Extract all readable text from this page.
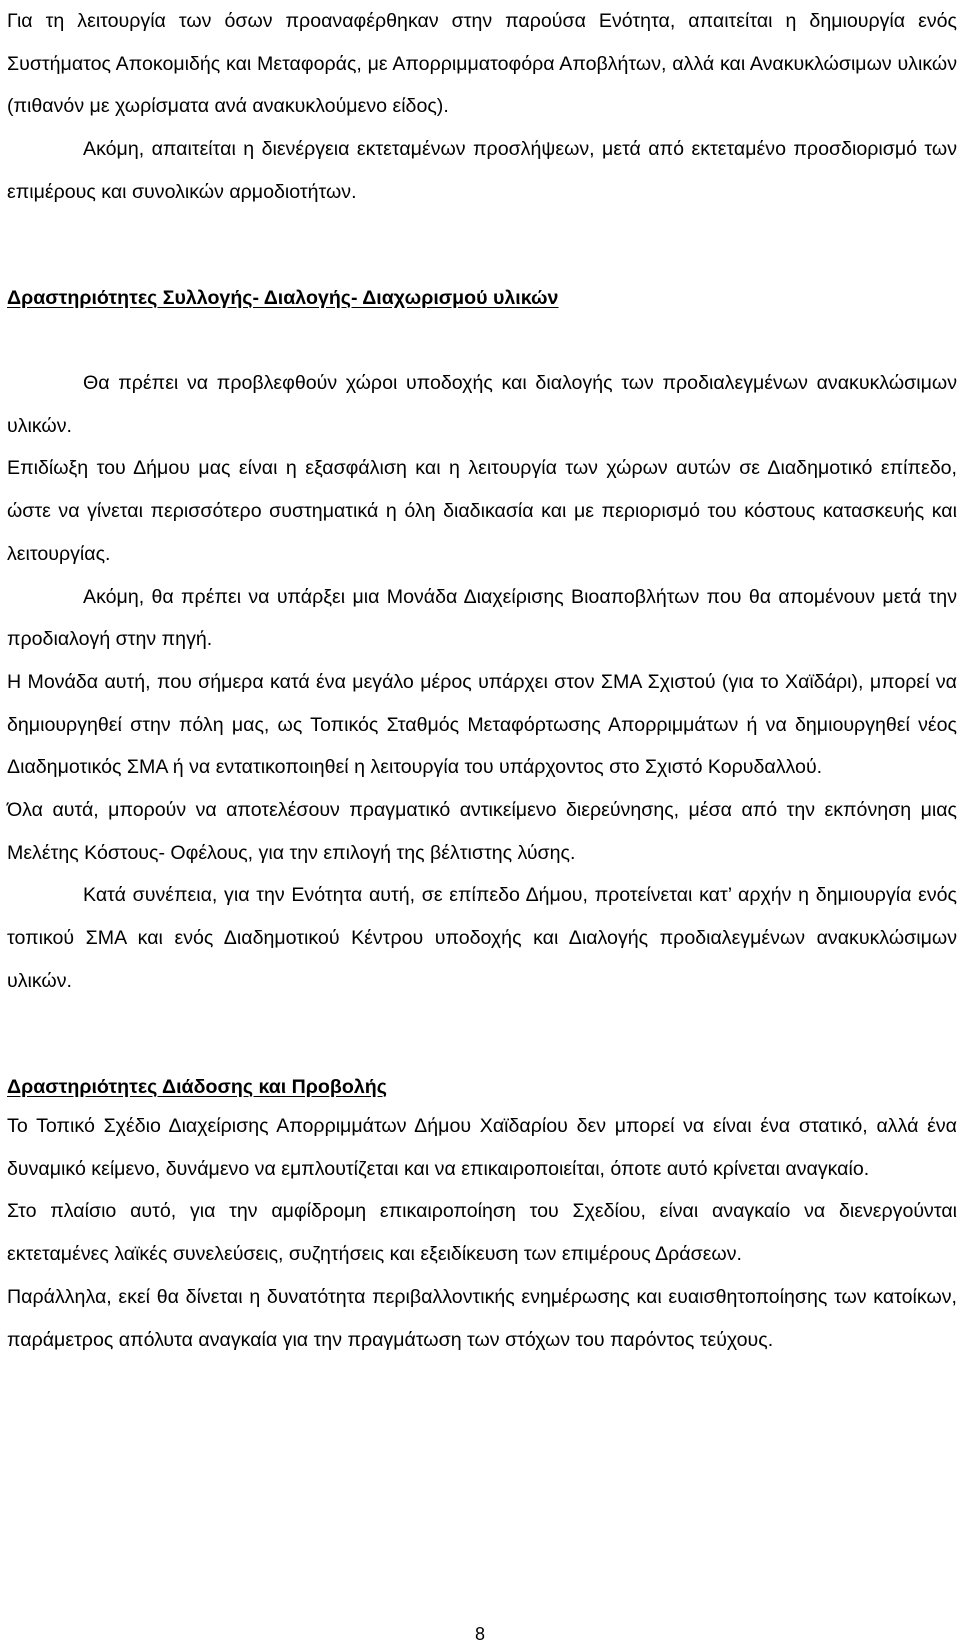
Για τη λειτουργία των όσων προαναφέρθηκαν στην παρούσα Ενότητα, απαιτείται η δημιουργία ενός Συστήματος Αποκομιδής και Μεταφοράς, με Απορριμματοφόρα Αποβλήτων, αλλά και Ανακυκλώσιμων υλικών (πιθανόν με χωρίσματα ανά ανακυκλούμενο είδος).

Ακόμη, απαιτείται η διενέργεια εκτεταμένων προσλήψεων, μετά από εκτεταμένο προσδιορισμό των επιμέρους και συνολικών αρμοδιοτήτων.

Δραστηριότητες Συλλογής- Διαλογής- Διαχωρισμού υλικών

Θα πρέπει να προβλεφθούν χώροι υποδοχής και διαλογής των προδιαλεγμένων ανακυκλώσιμων υλικών.

Επιδίωξη του Δήμου μας είναι η εξασφάλιση και η λειτουργία των χώρων αυτών σε Διαδημοτικό επίπεδο, ώστε να γίνεται περισσότερο συστηματικά η όλη διαδικασία και με περιορισμό του κόστους κατασκευής και λειτουργίας.

Ακόμη, θα πρέπει να υπάρξει μια Μονάδα Διαχείρισης Βιοαποβλήτων που θα απομένουν μετά την προδιαλογή στην πηγή.

Η Μονάδα αυτή, που σήμερα κατά ένα μεγάλο μέρος υπάρχει στον ΣΜΑ Σχιστού (για το Χαϊδάρι), μπορεί να δημιουργηθεί στην πόλη μας, ως Τοπικός Σταθμός Μεταφόρτωσης Απορριμμάτων ή να δημιουργηθεί νέος Διαδημοτικός ΣΜΑ ή να εντατικοποιηθεί η λειτουργία του υπάρχοντος στο Σχιστό Κορυδαλλού.

Όλα αυτά, μπορούν να αποτελέσουν πραγματικό αντικείμενο διερεύνησης, μέσα από την εκπόνηση μιας Μελέτης Κόστους- Οφέλους, για την επιλογή της βέλτιστης λύσης.

Κατά συνέπεια, για την Ενότητα αυτή, σε επίπεδο Δήμου, προτείνεται κατ’ αρχήν η δημιουργία ενός τοπικού ΣΜΑ και ενός Διαδημοτικού Κέντρου υποδοχής και Διαλογής προδιαλεγμένων ανακυκλώσιμων υλικών.

Δραστηριότητες Διάδοσης και Προβολής

Το Τοπικό Σχέδιο Διαχείρισης Απορριμμάτων Δήμου Χαϊδαρίου δεν μπορεί να είναι ένα στατικό, αλλά ένα δυναμικό κείμενο, δυνάμενο να εμπλουτίζεται και να επικαιροποιείται, όποτε αυτό κρίνεται αναγκαίο.

Στο πλαίσιο αυτό, για την αμφίδρομη επικαιροποίηση του Σχεδίου, είναι αναγκαίο να διενεργούνται εκτεταμένες λαϊκές συνελεύσεις, συζητήσεις και εξειδίκευση των επιμέρους Δράσεων.

Παράλληλα, εκεί θα δίνεται η δυνατότητα περιβαλλοντικής ενημέρωσης και ευαισθητοποίησης των κατοίκων, παράμετρος απόλυτα αναγκαία για την πραγμάτωση των στόχων του παρόντος τεύχους.

8
